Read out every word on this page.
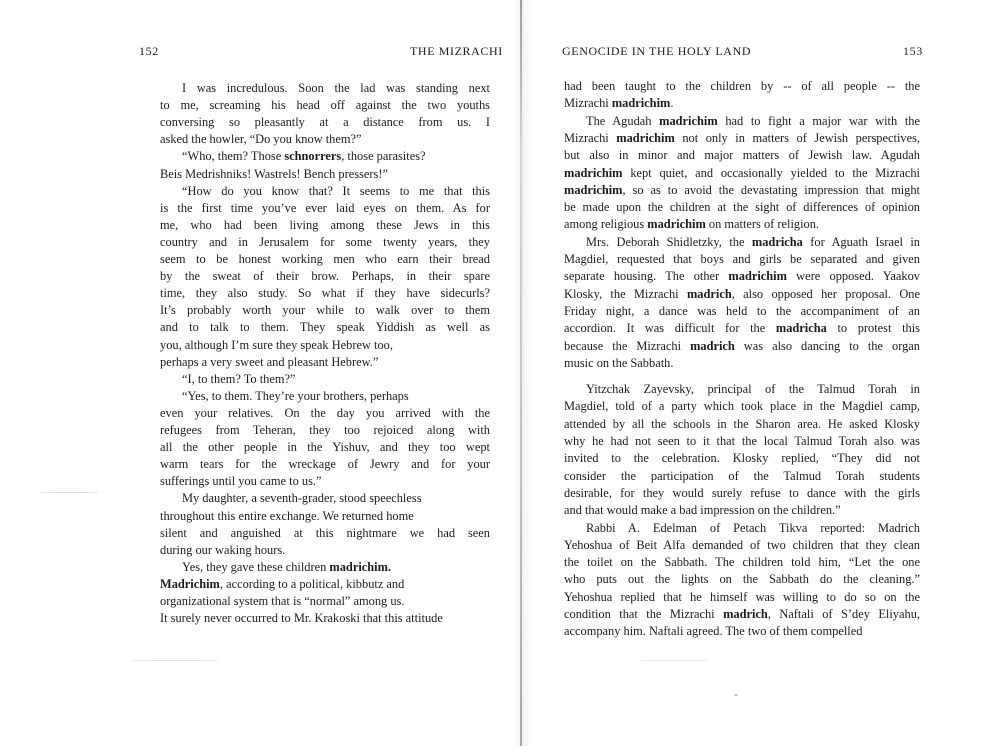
152	THE MIZRACHI
I was incredulous. Soon the lad was standing next
to me, screaming his head off against the two youths
conversing so pleasantly at a distance from us. I
asked the howler, “Do you know them?”
“Who, them? Those schnorrers, those parasites?
Beis Medrishniks! Wastrels! Bench pressers!”
“How do you know that? It seems to me that this
is the first time you’ve ever laid eyes on them. As for
me, who had been living among these Jews in this
country and in Jerusalem for some twenty years, they
seem to be honest working men who earn their bread
by the sweat of their brow. Perhaps, in their spare
time, they also study. So what if they have sidecurls?
It’s probably worth your while to walk over to them
and to talk to them. They speak Yiddish as well as
you, although I’m sure they speak Hebrew too,
perhaps a very sweet and pleasant Hebrew.”
“I, to them? To them?”
“Yes, to them. They’re your brothers, perhaps
even your relatives. On the day you arrived with the
refugees from Teheran, they too rejoiced along with
all the other people in the Yishuv, and they too wept
warm tears for the wreckage of Jewry and for your
sufferings until you came to us.”
My daughter, a seventh-grader, stood speechless
throughout this entire exchange. We returned home
silent and anguished at this nightmare we had seen
during our waking hours.
Yes, they gave these children madrichim.
Madrichim, according to a political, kibbutz and
organizational system that is “normal” among us.
It surely never occurred to Mr. Krakoski that this attitude
GENOCIDE IN THE HOLY LAND	153
had been taught to the children by -- of all people -- the
Mizrachi madrichim.
The Agudah madrichim had to fight a major war with the
Mizrachi madrichim not only in matters of Jewish perspectives,
but also in minor and major matters of Jewish law. Agudah
madrichim kept quiet, and occasionally yielded to the Mizrachi
madrichim, so as to avoid the devastating impression that might
be made upon the children at the sight of differences of opinion
among religious madrichim on matters of religion.
Mrs. Deborah Shidletzky, the madricha for Aguath Israel in
Magdiel, requested that boys and girls be separated and given
separate housing. The other madrichim were opposed. Yaakov
Klosky, the Mizrachi madrich, also opposed her proposal. One
Friday night, a dance was held to the accompaniment of an
accordion. It was difficult for the madricha to protest this
because the Mizrachi madrich was also dancing to the organ
music on the Sabbath.
Yitzchak Zayevsky, principal of the Talmud Torah in
Magdiel, told of a party which took place in the Magdiel camp,
attended by all the schools in the Sharon area. He asked Klosky
why he had not seen to it that the local Talmud Torah also was
invited to the celebration. Klosky replied, “They did not
consider the participation of the Talmud Torah students
desirable, for they would surely refuse to dance with the girls
and that would make a bad impression on the children.”
Rabbi A. Edelman of Petach Tikva reported: Madrich
Yehoshua of Beit Alfa demanded of two children that they clean
the toilet on the Sabbath. The children told him, “Let the one
who puts out the lights on the Sabbath do the cleaning.”
Yehoshua replied that he himself was willing to do so on the
condition that the Mizrachi madrich, Naftali of S’dey Eliyahu,
accompany him. Naftali agreed. The two of them compelled
